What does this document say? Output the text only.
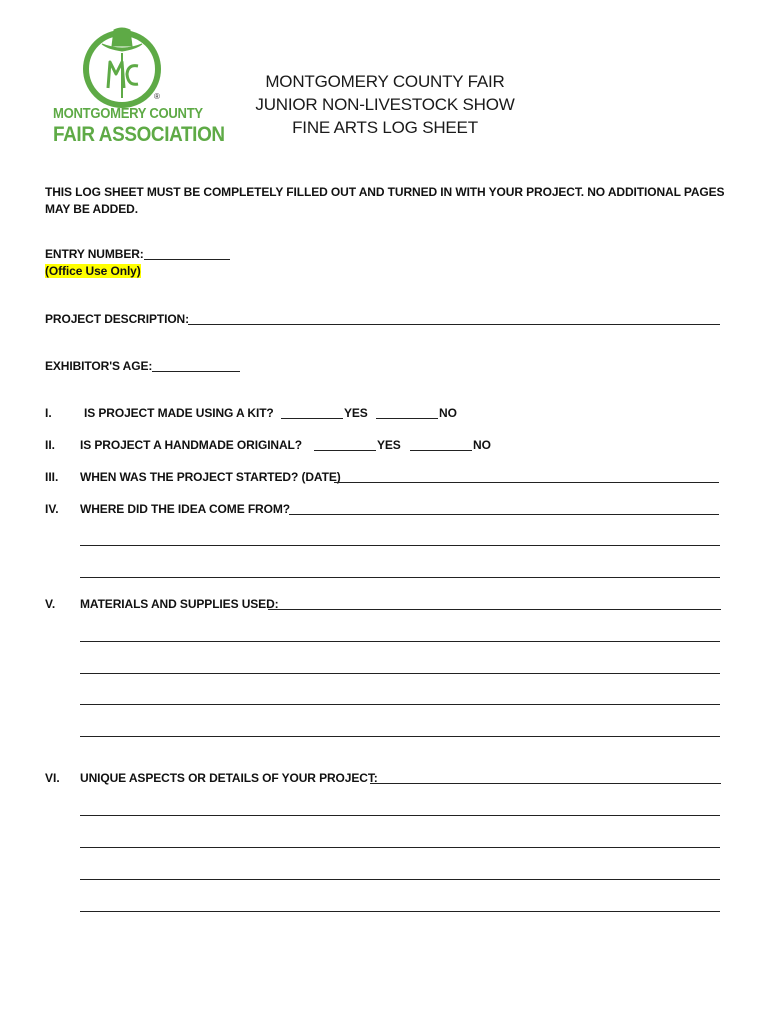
®
MONTGOMERY COUNTY
FAIR ASSOCIATION
MONTGOMERY COUNTY FAIR
JUNIOR NON-LIVESTOCK SHOW
FINE ARTS LOG SHEET
THIS LOG SHEET MUST BE COMPLETELY FILLED OUT AND TURNED IN WITH YOUR PROJECT. NO ADDITIONAL PAGES MAY BE ADDED.
ENTRY NUMBER:
(Office Use Only)
PROJECT DESCRIPTION:
EXHIBITOR'S AGE:
I.	IS PROJECT MADE USING A KIT?	YES	NO
II. IS PROJECT A HANDMADE ORIGINAL?	YES	NO
III. WHEN WAS THE PROJECT STARTED? (DATE)
IV. WHERE DID THE IDEA COME FROM?
V. MATERIALS AND SUPPLIES USED:
VI. UNIQUE ASPECTS OR DETAILS OF YOUR PROJECT:
